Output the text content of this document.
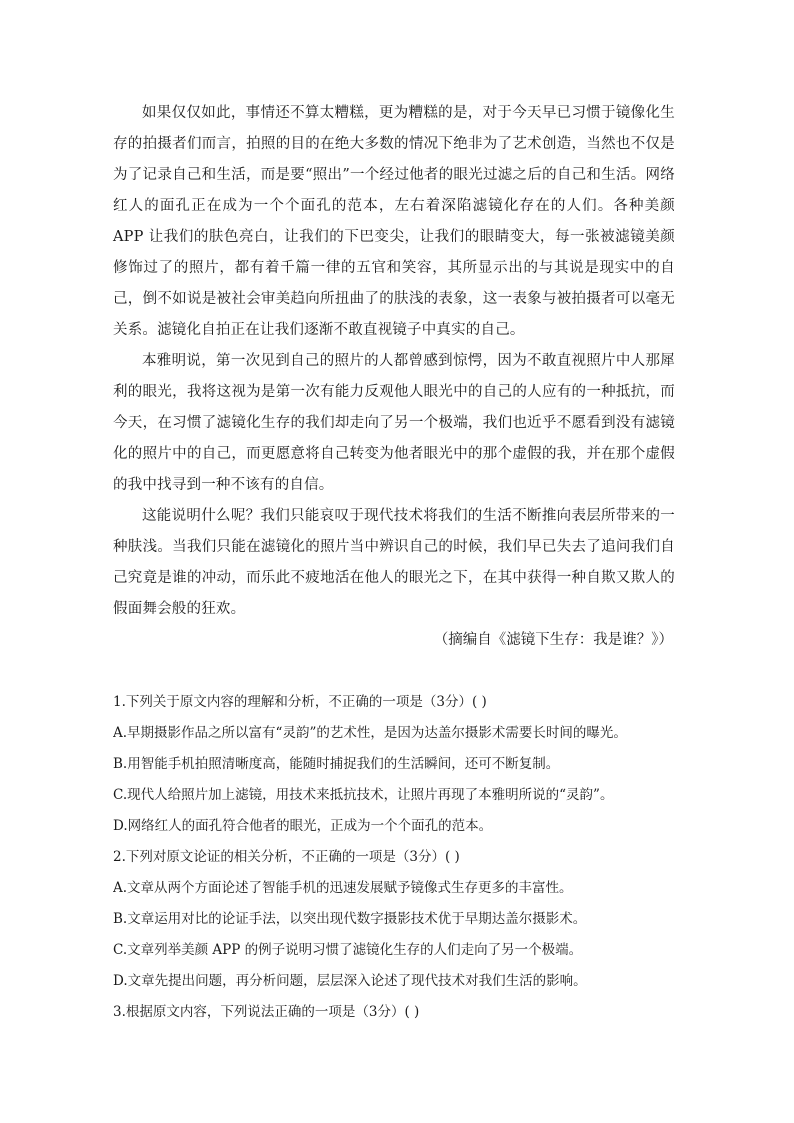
如果仅仅如此，事情还不算太糟糕，更为糟糕的是，对于今天早已习惯于镜像化生存的拍摄者们而言，拍照的目的在绝大多数的情况下绝非为了艺术创造，当然也不仅是为了记录自己和生活，而是要“照出”一个经过他者的眼光过滤之后的自己和生活。网络红人的面孔正在成为一个个面孔的范本，左右着深陷滤镜化存在的人们。各种美颜 APP 让我们的肤色亮白，让我们的下巴变尖，让我们的眼睛变大，每一张被滤镜美颜修饰过了的照片，都有着千篇一律的五官和笑容，其所显示出的与其说是现实中的自己，倒不如说是被社会审美趋向所扭曲了的肤浅的表象，这一表象与被拍摄者可以毫无关系。滤镜化自拍正在让我们逐渐不敢直视镜子中真实的自己。

本雅明说，第一次见到自己的照片的人都曾感到惊愕，因为不敢直视照片中人那犀利的眼光，我将这视为是第一次有能力反观他人眼光中的自己的人应有的一种抵抗，而今天，在习惯了滤镜化生存的我们却走向了另一个极端，我们也近乎不愿看到没有滤镜化的照片中的自己，而更愿意将自己转变为他者眼光中的那个虚假的我，并在那个虚假的我中找寻到一种不该有的自信。

这能说明什么呢？我们只能哀叹于现代技术将我们的生活不断推向表层所带来的一种肤浅。当我们只能在滤镜化的照片当中辨识自己的时候，我们早已失去了追问我们自己究竟是谁的冲动，而乐此不疲地活在他人的眼光之下，在其中获得一种自欺又欺人的假面舞会般的狂欢。

（摘编自《滤镜下生存：我是谁？》）

1.下列关于原文内容的理解和分析，不正确的一项是（3分）( )

A.早期摄影作品之所以富有“灵韵”的艺术性，是因为达盖尔摄影术需要长时间的曝光。

B.用智能手机拍照清晰度高，能随时捕捉我们的生活瞬间，还可不断复制。

C.现代人给照片加上滤镜，用技术来抵抗技术，让照片再现了本雅明所说的“灵韵”。

D.网络红人的面孔符合他者的眼光，正成为一个个面孔的范本。

2.下列对原文论证的相关分析，不正确的一项是（3分）( )

A.文章从两个方面论述了智能手机的迅速发展赋予镜像式生存更多的丰富性。

B.文章运用对比的论证手法，以突出现代数字摄影技术优于早期达盖尔摄影术。

C.文章列举美颜 APP 的例子说明习惯了滤镜化生存的人们走向了另一个极端。

D.文章先提出问题，再分析问题，层层深入论述了现代技术对我们生活的影响。

3.根据原文内容，下列说法正确的一项是（3分）( )
